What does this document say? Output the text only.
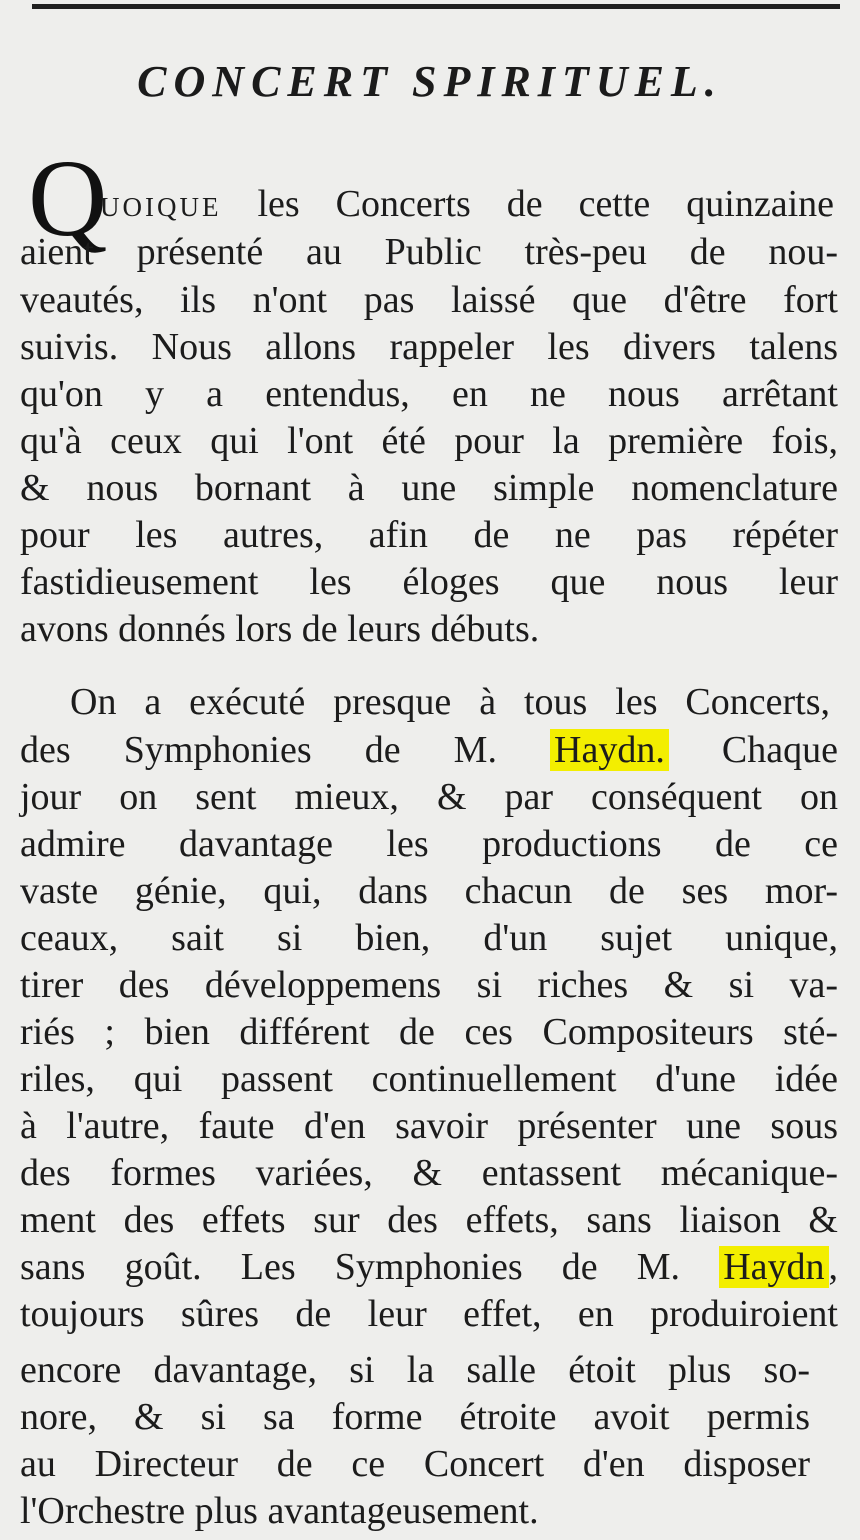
CONCERT SPIRITUEL.
Q

uoique les Concerts de cette quinzaine

aient présenté au Public très-peu de nou-

veautés, ils n'ont pas laissé que d'être fort

suivis. Nous allons rappeler les divers talens

qu'on y a entendus, en ne nous arrêtant

qu'à ceux qui l'ont été pour la première fois,

& nous bornant à une simple nomenclature

pour les autres, afin de ne pas répéter

fastidieusement les éloges que nous leur

avons donnés lors de leurs débuts.

On a exécuté presque à tous les Concerts,

des Symphonies de M. Haydn. Chaque

jour on sent mieux, & par conséquent on

admire davantage les productions de ce

vaste génie, qui, dans chacun de ses mor-

ceaux, sait si bien, d'un sujet unique,

tirer des développemens si riches & si va-

riés ; bien différent de ces Compositeurs sté-

riles, qui passent continuellement d'une idée

à l'autre, faute d'en savoir présenter une sous

des formes variées, & entassent mécanique-

ment des effets sur des effets, sans liaison &

sans goût. Les Symphonies de M. Haydn ,

toujours sûres de leur effet, en produiroient

encore davantage, si la salle étoit plus so-

nore, & si sa forme étroite avoit permis

au Directeur de ce Concert d'en disposer

l'Orchestre plus avantageusement.
